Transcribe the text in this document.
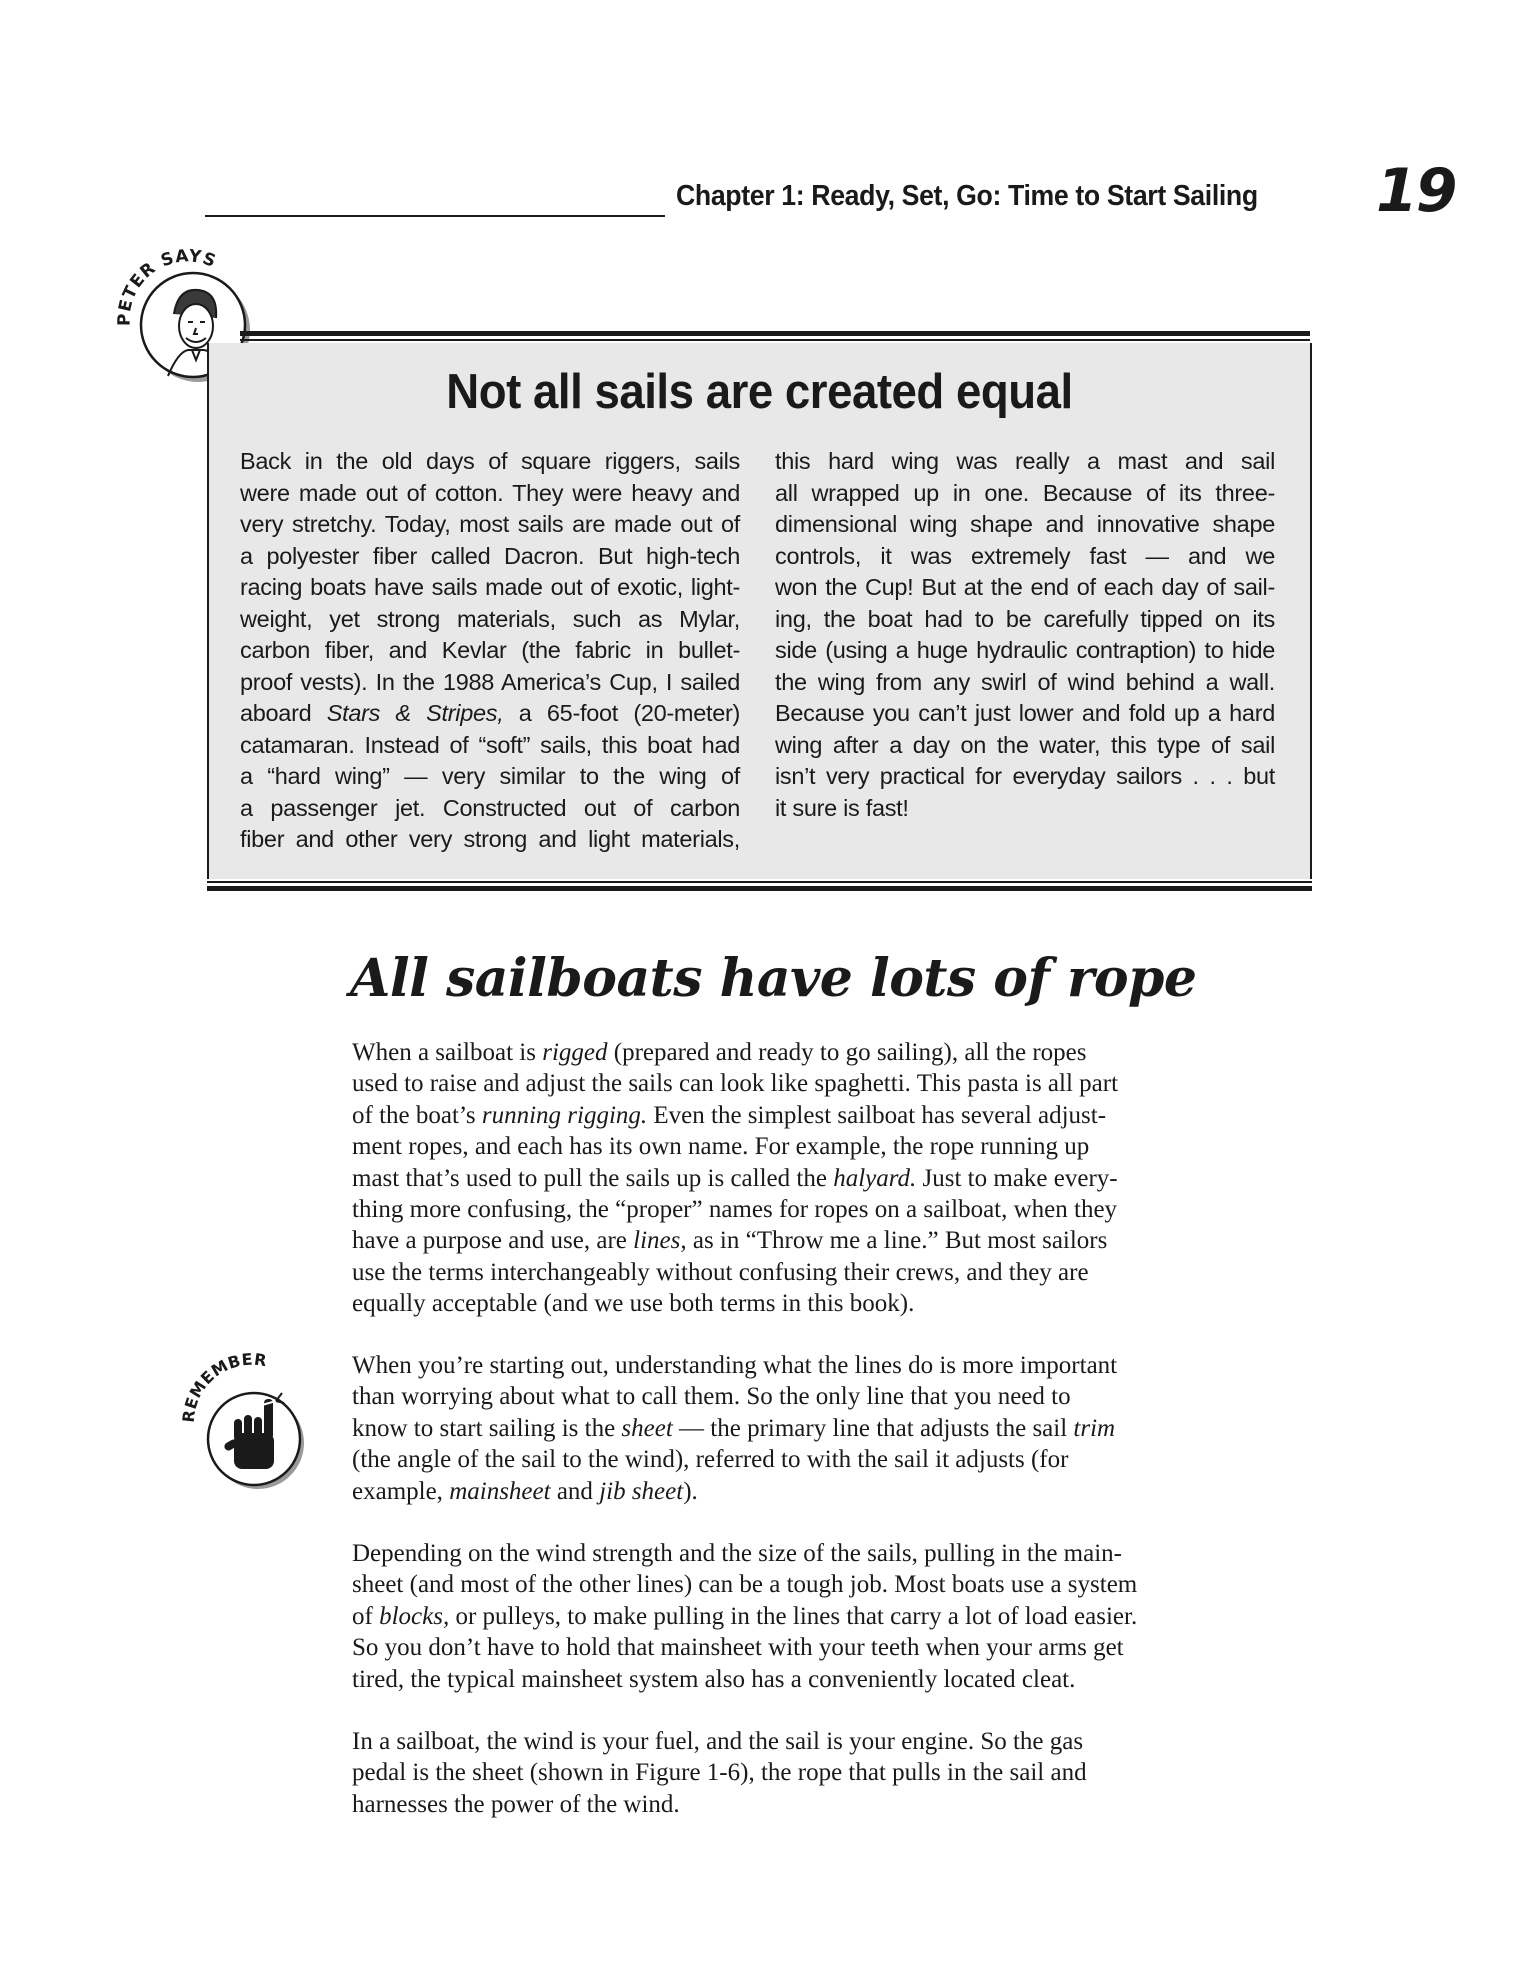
Chapter 1: Ready, Set, Go: Time to Start Sailing 19
PETER SAYS
Not all sails are created equal
Back in the old days of square riggers, sails
were made out of cotton. They were heavy and
very stretchy. Today, most sails are made out of
a polyester fiber called Dacron. But high-tech
racing boats have sails made out of exotic, light-
weight, yet strong materials, such as Mylar,
carbon fiber, and Kevlar (the fabric in bullet-
proof vests). In the 1988 America’s Cup, I sailed
aboard Stars & Stripes, a 65-foot (20-meter)
catamaran. Instead of “soft” sails, this boat had
a “hard wing” — very similar to the wing of
a passenger jet. Constructed out of carbon
fiber and other very strong and light materials,
this hard wing was really a mast and sail
all wrapped up in one. Because of its three-
dimensional wing shape and innovative shape
controls, it was extremely fast — and we
won the Cup! But at the end of each day of sail-
ing, the boat had to be carefully tipped on its
side (using a huge hydraulic contraption) to hide
the wing from any swirl of wind behind a wall.
Because you can’t just lower and fold up a hard
wing after a day on the water, this type of sail
isn’t very practical for everyday sailors . . . but
it sure is fast!
All sailboats have lots of rope
When a sailboat is rigged (prepared and ready to go sailing), all the ropes
used to raise and adjust the sails can look like spaghetti. This pasta is all part
of the boat’s running rigging. Even the simplest sailboat has several adjust-
ment ropes, and each has its own name. For example, the rope running up
mast that’s used to pull the sails up is called the halyard. Just to make every-
thing more confusing, the “proper” names for ropes on a sailboat, when they
have a purpose and use, are lines, as in “Throw me a line.” But most sailors
use the terms interchangeably without confusing their crews, and they are
equally acceptable (and we use both terms in this book).
REMEMBER	When you’re starting out, understanding what the lines do is more important
than worrying about what to call them. So the only line that you need to
know to start sailing is the sheet — the primary line that adjusts the sail trim
(the angle of the sail to the wind), referred to with the sail it adjusts (for
example, mainsheet and jib sheet).
Depending on the wind strength and the size of the sails, pulling in the main-
sheet (and most of the other lines) can be a tough job. Most boats use a system
of blocks, or pulleys, to make pulling in the lines that carry a lot of load easier.
So you don’t have to hold that mainsheet with your teeth when your arms get
tired, the typical mainsheet system also has a conveniently located cleat.
In a sailboat, the wind is your fuel, and the sail is your engine. So the gas
pedal is the sheet (shown in Figure 1-6), the rope that pulls in the sail and
harnesses the power of the wind.
